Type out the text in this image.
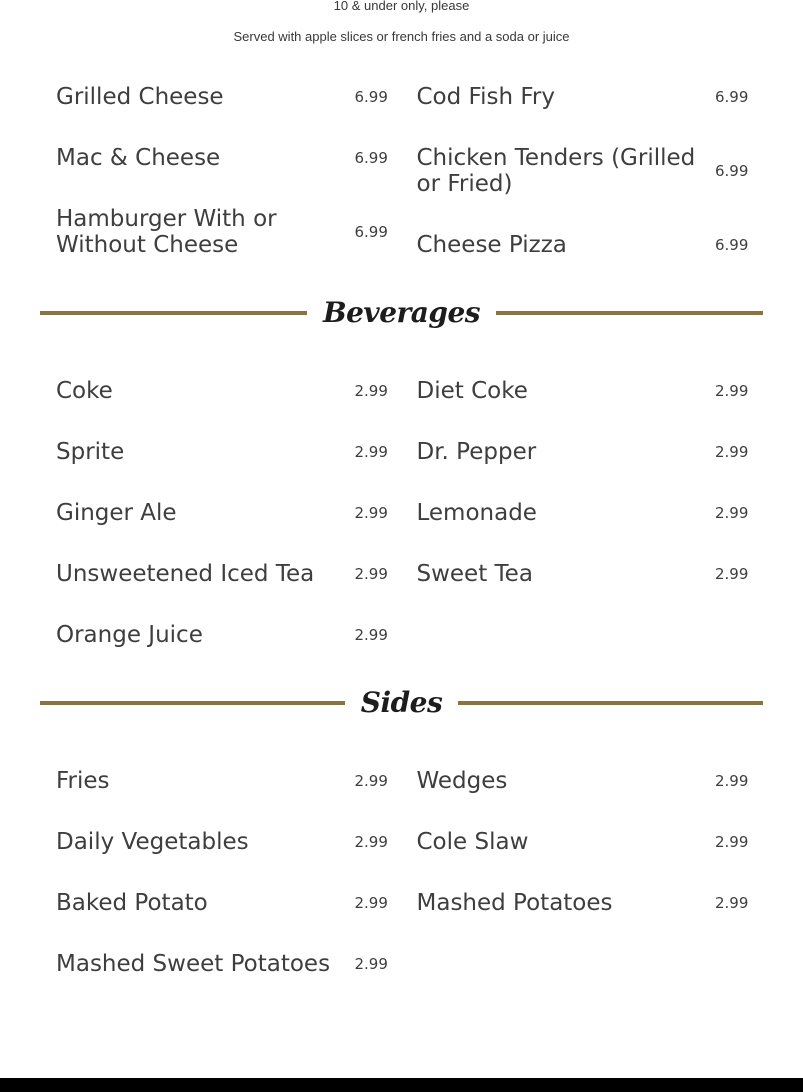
10 & under only, please
Served with apple slices or french fries and a soda or juice
Grilled Cheese	6.99
Mac & Cheese	6.99
Hamburger With or Without Cheese	6.99
Cod Fish Fry	6.99
Chicken Tenders (Grilled or Fried)	6.99
Cheese Pizza	6.99
Beverages
Coke	2.99
Sprite	2.99
Ginger Ale	2.99
Unsweetened Iced Tea	2.99
Orange Juice	2.99
Diet Coke	2.99
Dr. Pepper	2.99
Lemonade	2.99
Sweet Tea	2.99
Sides
Fries	2.99
Daily Vegetables	2.99
Baked Potato	2.99
Mashed Sweet Potatoes	2.99
Wedges	2.99
Cole Slaw	2.99
Mashed Potatoes	2.99
